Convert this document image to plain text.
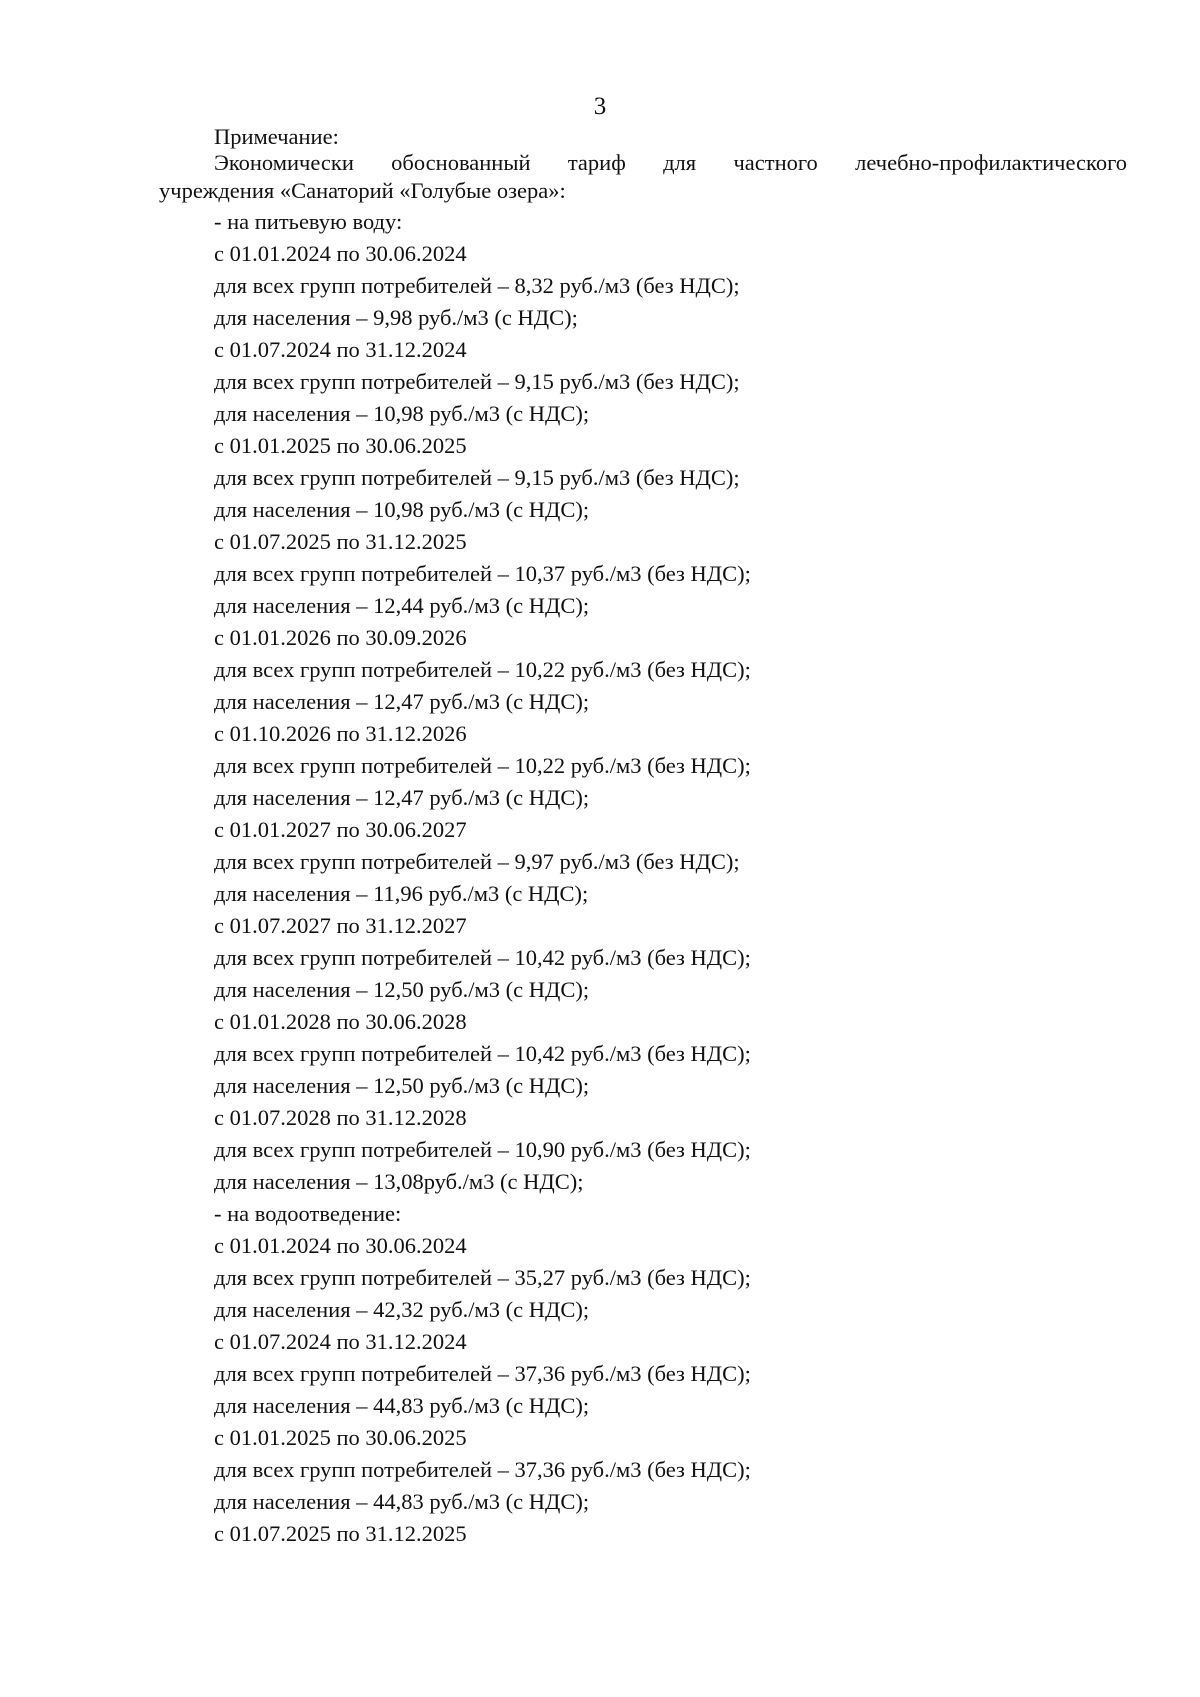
3
Примечание:
Экономически обоснованный тариф для частного лечебно-профилактического
учреждения «Санаторий «Голубые озера»:
- на питьевую воду:
с 01.01.2024 по 30.06.2024
для всех групп потребителей – 8,32 руб./м3 (без НДС);
для населения – 9,98 руб./м3 (с НДС);
с 01.07.2024 по 31.12.2024
для всех групп потребителей – 9,15 руб./м3 (без НДС);
для населения – 10,98 руб./м3 (с НДС);
с 01.01.2025 по 30.06.2025
для всех групп потребителей – 9,15 руб./м3 (без НДС);
для населения – 10,98 руб./м3 (с НДС);
с 01.07.2025 по 31.12.2025
для всех групп потребителей – 10,37 руб./м3 (без НДС);
для населения – 12,44 руб./м3 (с НДС);
с 01.01.2026 по 30.09.2026
для всех групп потребителей – 10,22 руб./м3 (без НДС);
для населения – 12,47 руб./м3 (с НДС);
с 01.10.2026 по 31.12.2026
для всех групп потребителей – 10,22 руб./м3 (без НДС);
для населения – 12,47 руб./м3 (с НДС);
с 01.01.2027 по 30.06.2027
для всех групп потребителей – 9,97 руб./м3 (без НДС);
для населения – 11,96 руб./м3 (с НДС);
с 01.07.2027 по 31.12.2027
для всех групп потребителей – 10,42 руб./м3 (без НДС);
для населения – 12,50 руб./м3 (с НДС);
с 01.01.2028 по 30.06.2028
для всех групп потребителей – 10,42 руб./м3 (без НДС);
для населения – 12,50 руб./м3 (с НДС);
с 01.07.2028 по 31.12.2028
для всех групп потребителей – 10,90 руб./м3 (без НДС);
для населения – 13,08руб./м3 (с НДС);
- на водоотведение:
с 01.01.2024 по 30.06.2024
для всех групп потребителей – 35,27 руб./м3 (без НДС);
для населения – 42,32 руб./м3 (с НДС);
с 01.07.2024 по 31.12.2024
для всех групп потребителей – 37,36 руб./м3 (без НДС);
для населения – 44,83 руб./м3 (с НДС);
с 01.01.2025 по 30.06.2025
для всех групп потребителей – 37,36 руб./м3 (без НДС);
для населения – 44,83 руб./м3 (с НДС);
с 01.07.2025 по 31.12.2025
